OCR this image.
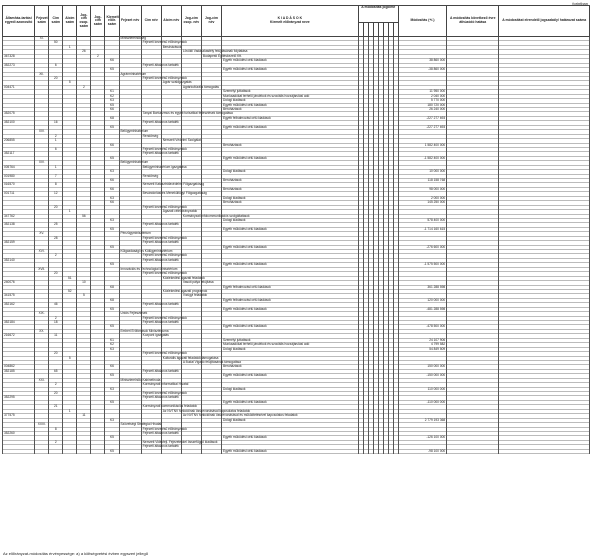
forintban
Államház-tartási egyedi azonosító	Fejezet szám	Cím szám	Alcím szám	Jog-cím csop. szám	Jog-cím szám	Kiemelt előir. szám	Fejezet név	Cím név	Alcím név	Jog-cím csop. név	Jog-cím név	K I A D Á S O K
Kiemelt előirányzat neve	A módosítás jogcíme								Módosítás (+/-)	A módosítás következő évre áthúzódó hatása	A módosítást elrendelő jogszabály/ határozat száma

	XI.						Miniszterelnökség																
		50						Fejezeti kezelésű előirányzatok															
			1						Beruházások														
				26						Lövöldi Vadászkastély felújításának folytatása													
367328					2						Budapesti Építéskezelő Kft.												
						K6						Egyéb működési célú kiadások									38 860 000		
352273		6						Fejezeti általános tartalék															
						K5						Egyéb működési célú kiadások									-38 860 000		
	XII.						Agrárminisztérium																
		20						Fejezeti kezelésű előirányzatok															
			5						Agrár szakigazgatás														
004471				2						Agrárkultúrális támogatás													
						K1						Személyi juttatások									11 950 000		
						K2						Munkaadókat terhelő járulékok és szociális hozzájárulási adó									2 040 000		
						K3						Dologi kiadások									5 770 000		
						K5						Egyéb működési célú kiadások									180 720 000		
						K6						Beruházások									26 240 000		
352075								Tanyai Borturizmus és egyéb turisztikai fejlesztések támogatása															
						K8						Egyéb felhalmozási célú kiadások									-227 277 693		
352100		16						Fejezeti általános tartalék															
						K5						Egyéb működési célú kiadások									-227 277 693		
	XIV.						Belügyminisztérium																
		2						Rendőrség															
206855		1							Nemzeti Védelmi Szolgálat														
						K6						Beruházások									1 582 400 000		
		6						Fejezeti kezelésű előirányzatok															
352117								Fejezeti általános tartalék															
						K5						Egyéb működési célú kiadások									-1 582 400 000		
	XIV.						Belügyminisztérium																
005764		1						Belügyminisztérium igazgatása															
						K3						Dologi kiadások									10 000 000		
001980		7						Rendőrség															
						K6						Beruházások									118 158 768		
016570		8						Nemzeti Katasztrófavédelmi Főigazgatóság															
						K6						Beruházások									98 000 000		
001711		12						Bevándorlási és Menekültügyi Főigazgatóság															
						K3						Dologi kiadások									2 000 000		
						K6						Beruházások									145 250 000		
		20						Fejezeti kezelésű előirányzatok															
			1						Ágazati célelőirányzatok														
347762				56						Kormányzati infokommunikációs szolgáltatások													
						K3						Dologi kiadások									578 400 000		
352138		25						Fejezeti általános tartalék															
						K5						Egyéb működési célú kiadások									-1 714 160 615		
	XV.						Pénzügyminisztérium																
		28						Fejezeti kezelésű előirányzatok															
352159								Fejezeti általános tartalék															
						K5						Egyéb működési célú kiadások									-276 600 000		
	XVI.						Külgazdasági és Külügyminisztérium																
		2						Fejezeti kezelésű előirányzatok															
352140								Fejezeti általános tartalék															
						K5						Egyéb működési célú kiadások									-1 575 500 000		
	XVII.						Innovációs és Technológiai Minisztérium																
		20						Fejezeti kezelésű előirányzatok															
			51						Közlekedési ágazati feladatok														
240076				10						Vasúti pálya felújítása													
						K8						Egyéb felhalmozási célú kiadások									361 288 598		
			52						Közlekedési ágazati programok														
341575				5						Vízügyi feladatok													
						K8						Egyéb felhalmozási célú kiadások									120 000 000		
352162		46						Fejezeti általános tartalék															
						K5						Egyéb működési célú kiadások									-481 288 598		
	XIX.						Uniós Fejlesztések																
		2						Fejezeti kezelésű előirányzatok															
352184		18						Fejezeti általános tartalék															
						K5						Egyéb működési célú kiadások									-478 500 000		
	XX.						Emberi Erőforrások Minisztériuma																
216672		11						Kozpont igazgatás															
						K1						Személyi juttatások									24 107 906		
						K2						Munkaadókat terhelő járulékok és szociális hozzájárulási adó									4 799 582		
						K3						Dologi kiadások									54 849 509		
		20						Fejezeti kezelésű előirányzatok															
			5						Kulturális ágazati feladatok támogatása														
										A Budai Vigadó felújításának támogatása													
004862						K6						Beruházások									150 000 000		
352185		65						Fejezeti általános tartalék															
						K5						Egyéb működési célú kiadások									-150 000 000		
	XXI.						Miniszterelnöki Kabinetiroda																
		2						Kormányzati Informatikai Hivatal															
						K3						Dologi kiadások									110 000 000		
		20						Fejezeti kezelésű előirányzatok															
352295								Fejezeti általános tartalék															
						K5						Egyéb működési célú kiadások									-110 000 000		
		21						Kormányzati kommunikációs feladatok															
			1						Az NVTNV funkcióinak összevonásával kapcsolatos feladatok														
377575				11						Az NVTNV funkcióinak összevonásával és működtetésével kapcsolatos feladatok													
						K3						Dologi kiadások									2 779 193 368		
	XXIII.						Szövetségi Stratégiai Hivatal																
		8						Fejezeti kezelésű előirányzatok															
352260								Fejezeti általános tartalék															
						K5						Egyéb működési célú kiadások									-126 100 000		
		2						Nemzeti Vidékfejl. Fejezetekkel összefüggő kiadások															
								Fejezeti általános tartalék															
						K5						Egyéb működési célú kiadások									-98 100 000		
Az előirányzat-módosítás érvényessége: a) a költségvetési évben egyszeri jellegű
